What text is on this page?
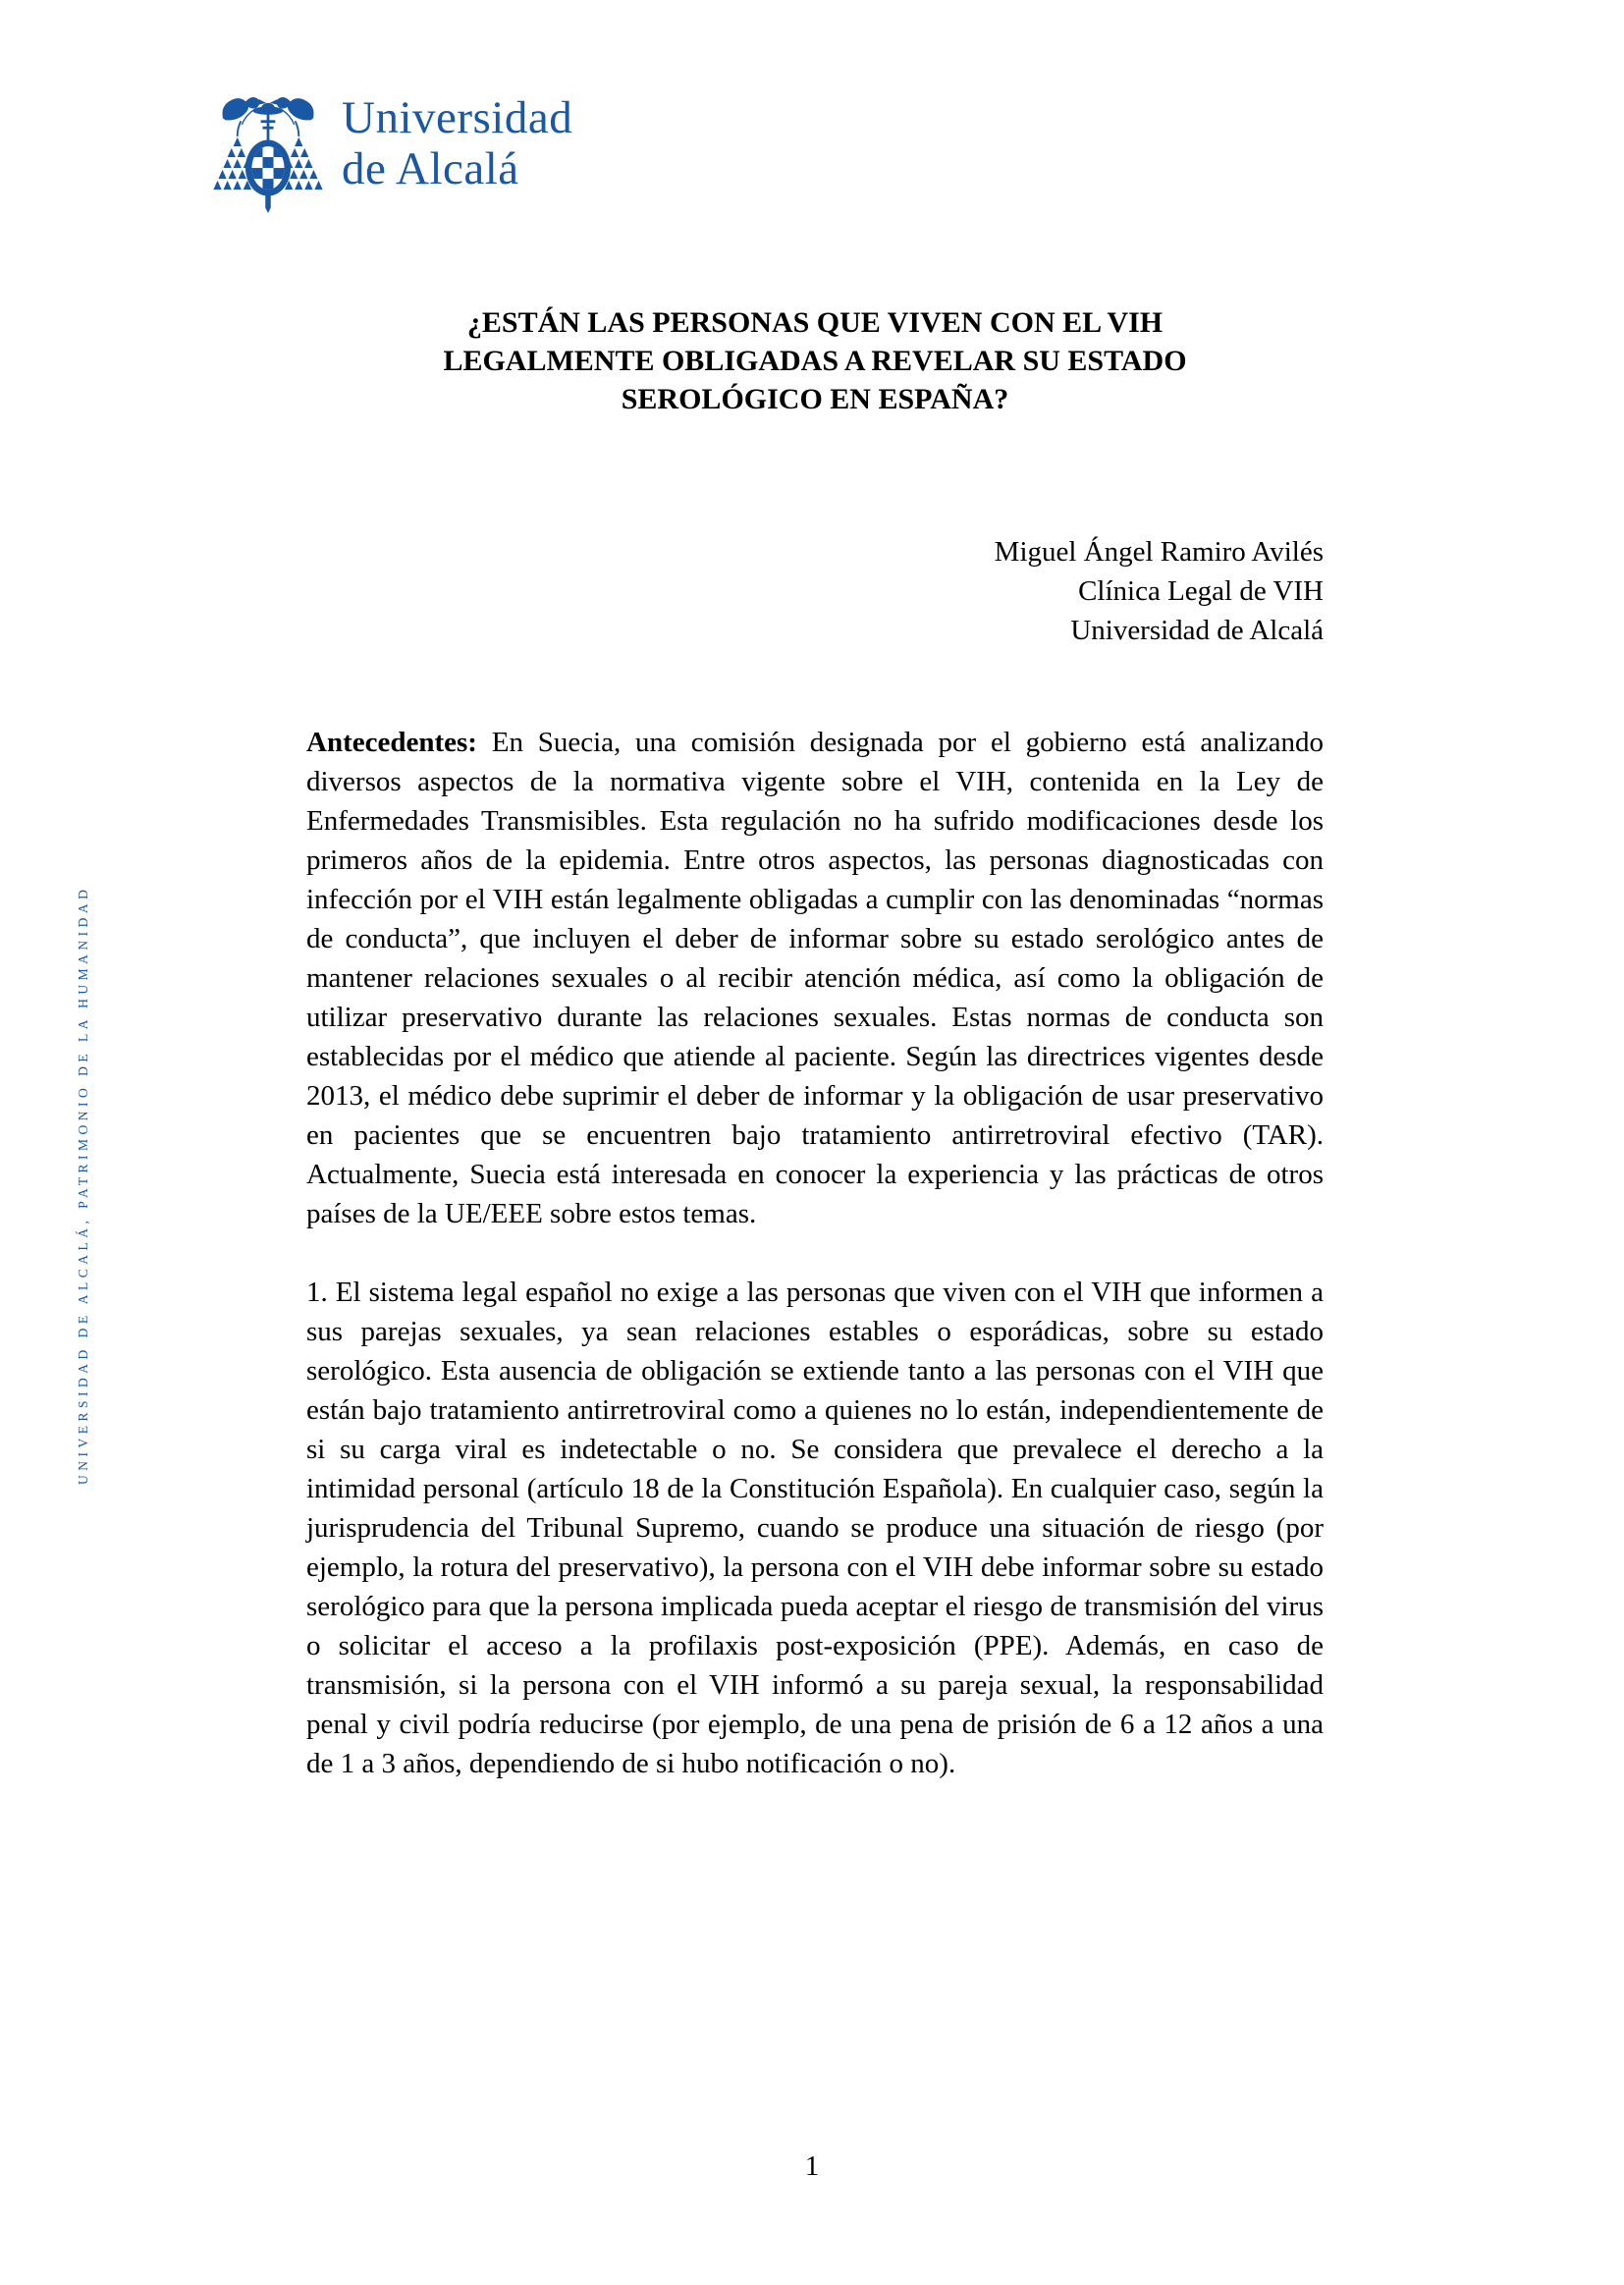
Universidad
de Alcalá
¿ESTÁN LAS PERSONAS QUE VIVEN CON EL VIH
LEGALMENTE OBLIGADAS A REVELAR SU ESTADO
SEROLÓGICO EN ESPAÑA?
Miguel Ángel Ramiro Avilés
Clínica Legal de VIH
Universidad de Alcalá

Antecedentes: En Suecia, una comisión designada por el gobierno está analizando diversos aspectos de la normativa vigente sobre el VIH, contenida en la Ley de Enfermedades Transmisibles. Esta regulación no ha sufrido modificaciones desde los primeros años de la epidemia. Entre otros aspectos, las personas diagnosticadas con infección por el VIH están legalmente obligadas a cumplir con las denominadas “normas de conducta”, que incluyen el deber de informar sobre su estado serológico antes de mantener relaciones sexuales o al recibir atención médica, así como la obligación de utilizar preservativo durante las relaciones sexuales. Estas normas de conducta son establecidas por el médico que atiende al paciente. Según las directrices vigentes desde 2013, el médico debe suprimir el deber de informar y la obligación de usar preservativo en pacientes que se encuentren bajo tratamiento antirretroviral efectivo (TAR). Actualmente, Suecia está interesada en conocer la experiencia y las prácticas de otros países de la UE/EEE sobre estos temas.

1. El sistema legal español no exige a las personas que viven con el VIH que informen a sus parejas sexuales, ya sean relaciones estables o esporádicas, sobre su estado serológico. Esta ausencia de obligación se extiende tanto a las personas con el VIH que están bajo tratamiento antirretroviral como a quienes no lo están, independientemente de si su carga viral es indetectable o no. Se considera que prevalece el derecho a la intimidad personal (artículo 18 de la Constitución Española). En cualquier caso, según la jurisprudencia del Tribunal Supremo, cuando se produce una situación de riesgo (por ejemplo, la rotura del preservativo), la persona con el VIH debe informar sobre su estado serológico para que la persona implicada pueda aceptar el riesgo de transmisión del virus o solicitar el acceso a la profilaxis post-exposición (PPE). Además, en caso de transmisión, si la persona con el VIH informó a su pareja sexual, la responsabilidad penal y civil podría reducirse (por ejemplo, de una pena de prisión de 6 a 12 años a una de 1 a 3 años, dependiendo de si hubo notificación o no).

UNIVERSIDAD DE ALCALÁ, PATRIMONIO DE LA HUMANIDAD
1
